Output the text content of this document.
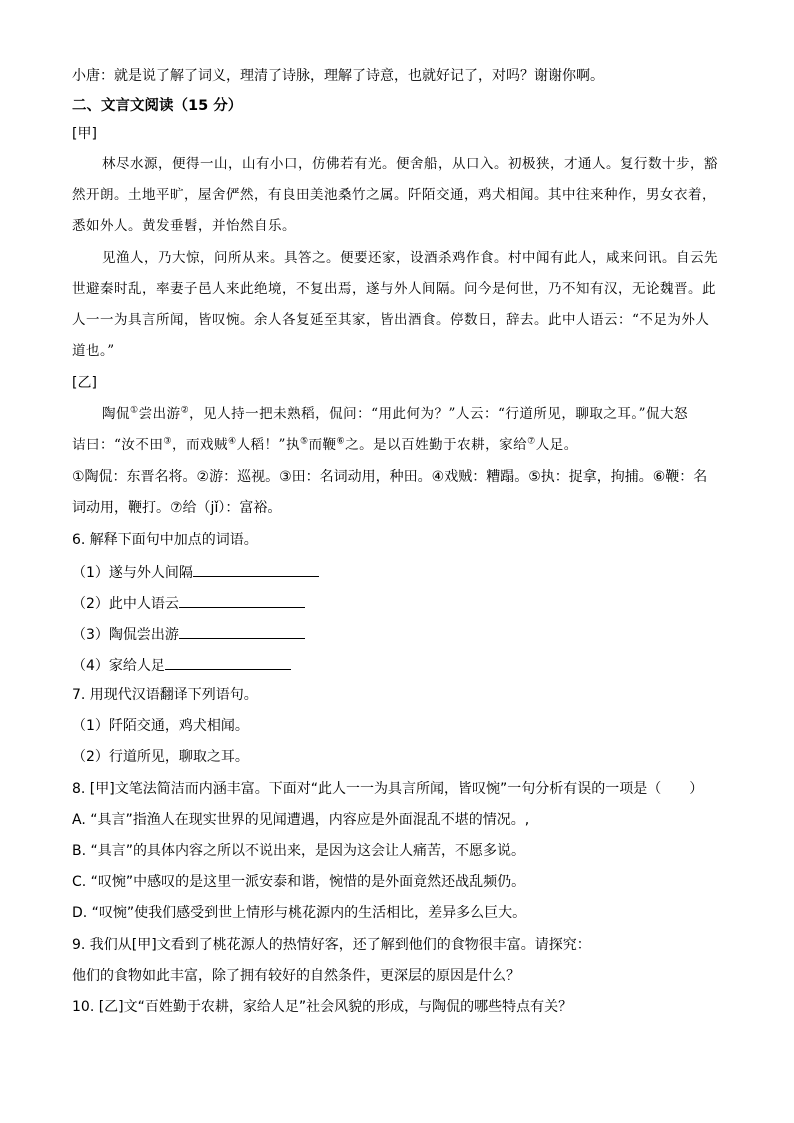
小唐：就是说了解了词义，理清了诗脉，理解了诗意，也就好记了，对吗？谢谢你啊。
二、文言文阅读（15 分）
[甲]
林尽水源，便得一山，山有小口，仿佛若有光。便舍船，从口入。初极狭，才通人。复行数十步，豁
然开朗。土地平旷，屋舍俨然，有良田美池桑竹之属。阡陌交通，鸡犬相闻。其中往来种作，男女衣着，
悉如外人。黄发垂髫，并怡然自乐。
见渔人，乃大惊，问所从来。具答之。便要还家，设酒杀鸡作食。村中闻有此人，咸来问讯。自云先
世避秦时乱，率妻子邑人来此绝境，不复出焉，遂与外人间隔。问今是何世，乃不知有汉，无论魏晋。此
人一一为具言所闻，皆叹惋。余人各复延至其家，皆出酒食。停数日，辞去。此中人语云：“不足为外人
道也。”
[乙]
陶侃①尝出游②，见人持一把未熟稻，侃问：“用此何为？”人云：“行道所见，聊取之耳。”侃大怒
诘曰：“汝不田③，而戏贼④人稻！”执⑤而鞭⑥之。是以百姓勤于农耕，家给⑦人足。
①陶侃：东晋名将。②游：巡视。③田：名词动用，种田。④戏贼：糟蹋。⑤执：捉拿，拘捕。⑥鞭：名
词动用，鞭打。⑦给（jǐ）：富裕。
6. 解释下面句中加点的词语。
（1）遂与外人间隔
（2）此中人语云
（3）陶侃尝出游
（4）家给人足
7. 用现代汉语翻译下列语句。
（1）阡陌交通，鸡犬相闻。
（2）行道所见，聊取之耳。
8. [甲]文笔法简洁而内涵丰富。下面对“此人一一为具言所闻，皆叹惋”一句分析有误的一项是（　　）
A. “具言”指渔人在现实世界的见闻遭遇，内容应是外面混乱不堪的情况。,
B. “具言”的具体内容之所以不说出来，是因为这会让人痛苦，不愿多说。
C. “叹惋”中感叹的是这里一派安泰和谐，惋惜的是外面竟然还战乱频仍。
D. “叹惋”使我们感受到世上情形与桃花源内的生活相比，差异多么巨大。
9. 我们从[甲]文看到了桃花源人的热情好客，还了解到他们的食物很丰富。请探究：
他们的食物如此丰富，除了拥有较好的自然条件，更深层的原因是什么？
10. [乙]文“百姓勤于农耕，家给人足”社会风貌的形成，与陶侃的哪些特点有关？
